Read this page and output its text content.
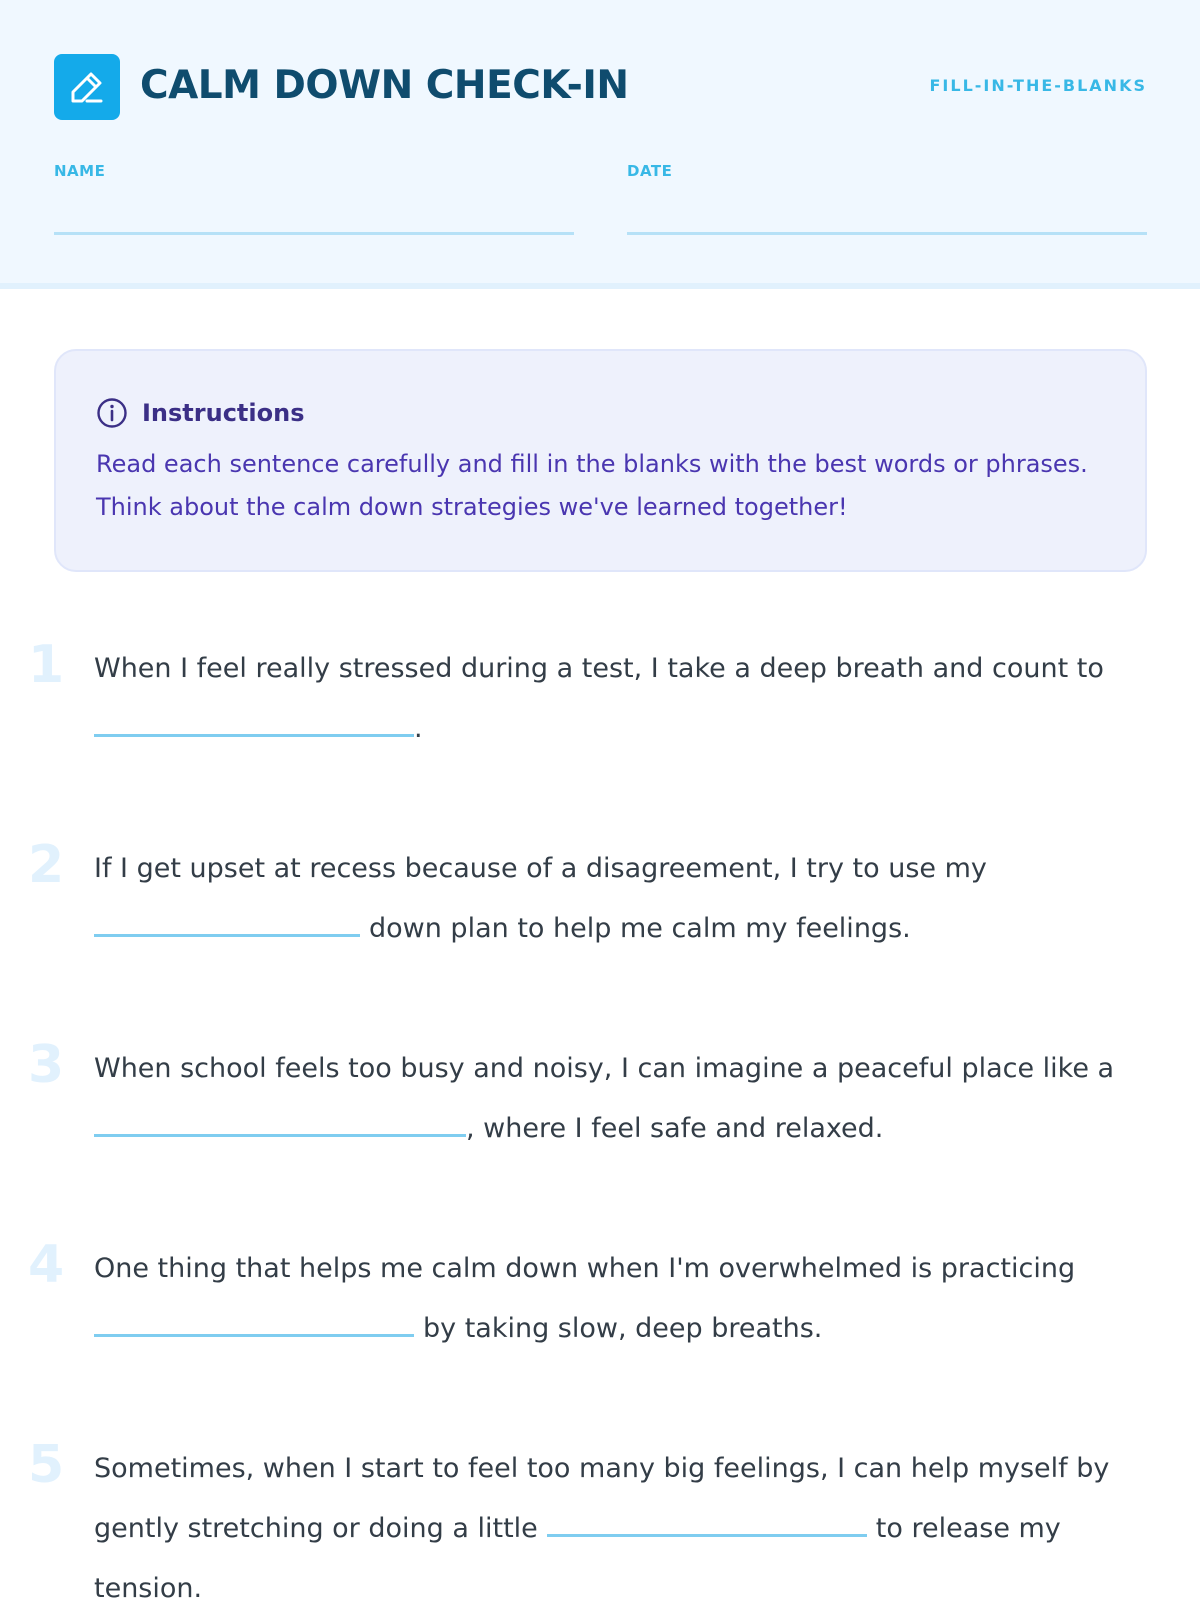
CALM DOWN CHECK-IN	FILL-IN-THE-BLANKS
NAME	DATE
Instructions
Read each sentence carefully and fill in the blanks with the best words or phrases.
Think about the calm down strategies we've learned together!
1 When I feel really stressed during a test, I take a deep breath and count to
.
2 If I get upset at recess because of a disagreement, I try to use my
down plan to help me calm my feelings.
3 When school feels too busy and noisy, I can imagine a peaceful place like a
, where I feel safe and relaxed.
4 One thing that helps me calm down when I'm overwhelmed is practicing
by taking slow, deep breaths.
5 Sometimes, when I start to feel too many big feelings, I can help myself by
gently stretching or doing a little	to release my
tension.
